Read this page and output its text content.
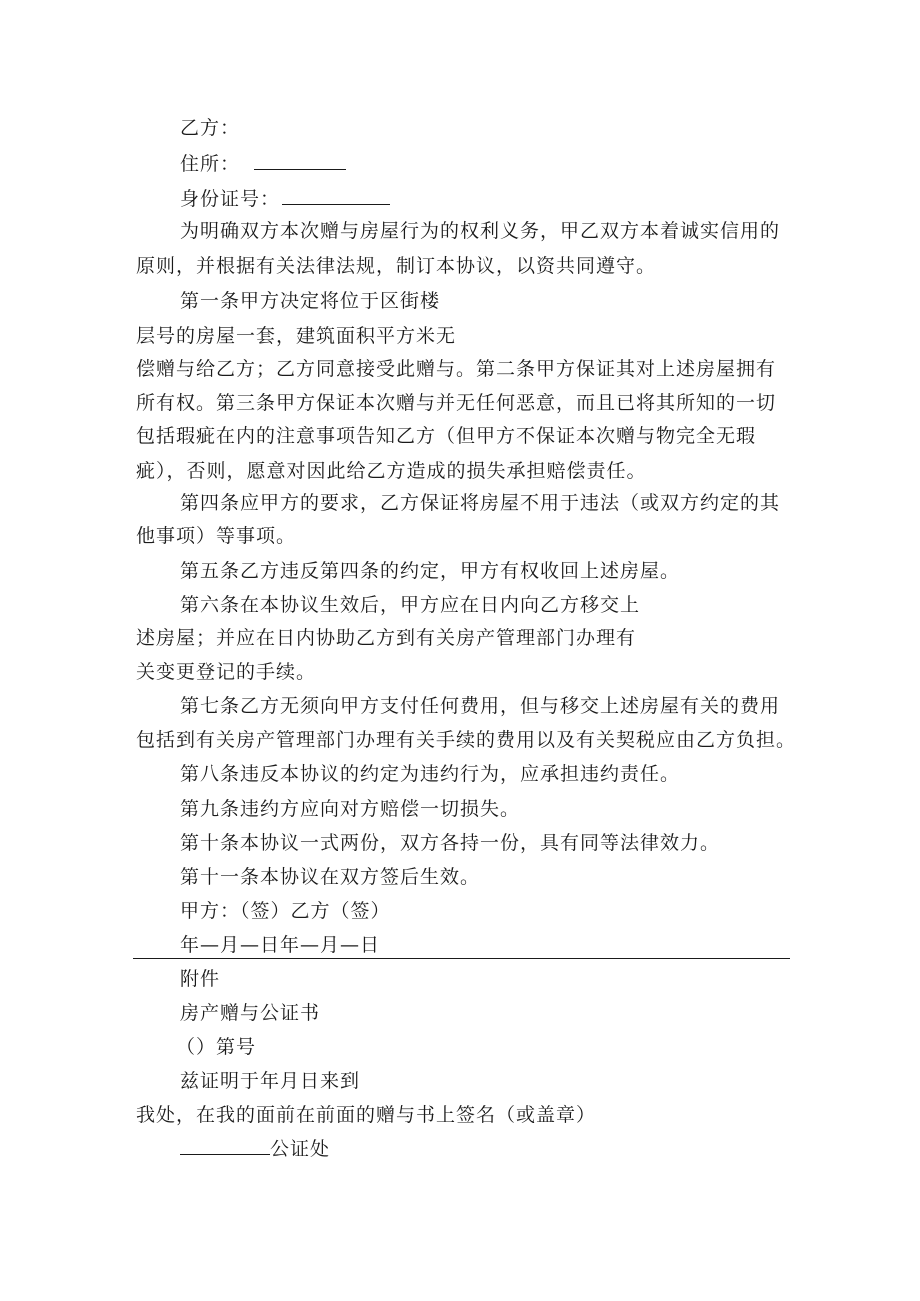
乙方：
住所：
身份证号：
为明确双方本次赠与房屋行为的权利义务，甲乙双方本着诚实信用的
原则，并根据有关法律法规，制订本协议，以资共同遵守。
第一条甲方决定将位于区街楼
层号的房屋一套，建筑面积平方米无
偿赠与给乙方；乙方同意接受此赠与。第二条甲方保证其对上述房屋拥有
所有权。第三条甲方保证本次赠与并无任何恶意，而且已将其所知的一切
包括瑕疵在内的注意事项告知乙方（但甲方不保证本次赠与物完全无瑕
疵），否则，愿意对因此给乙方造成的损失承担赔偿责任。
第四条应甲方的要求，乙方保证将房屋不用于违法（或双方约定的其
他事项）等事项。
第五条乙方违反第四条的约定，甲方有权收回上述房屋。
第六条在本协议生效后，甲方应在日内向乙方移交上
述房屋；并应在日内协助乙方到有关房产管理部门办理有
关变更登记的手续。
第七条乙方无须向甲方支付任何费用，但与移交上述房屋有关的费用
包括到有关房产管理部门办理有关手续的费用以及有关契税应由乙方负担。
第八条违反本协议的约定为违约行为，应承担违约责任。
第九条违约方应向对方赔偿一切损失。
第十条本协议一式两份，双方各持一份，具有同等法律效力。
第十一条本协议在双方签后生效。
甲方：（签）乙方（签）
年—月—日年—月—日
附件
房产赠与公证书
（）第号
兹证明于年月日来到
我处，在我的面前在前面的赠与书上签名（或盖章）
公证处
